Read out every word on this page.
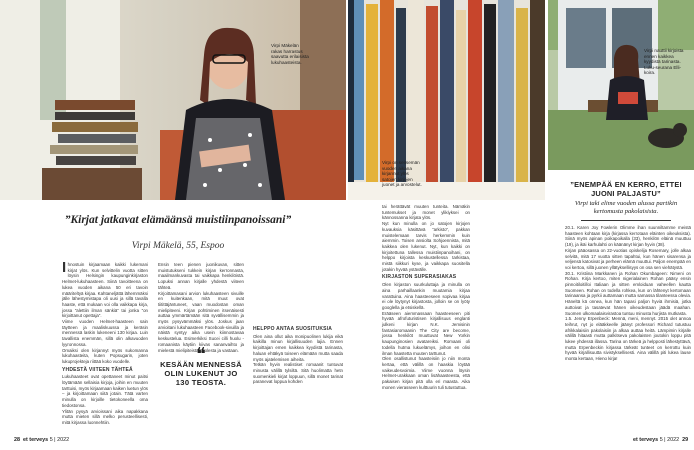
Virpi Mäkelän rakas harrastus saavutta erilaisista lukuhaasteista.
Virpi on seitsemän vuoden aikana kirjannut ylös satojen kirjojen juonet ja arvostelut.
Virpi nauttii kirjoista ennen kaikkea kyydistä tarinasta. Luku-seurana Elli-koira.
”Kirjat jatkavat elämäänsä muistiinpanoissani”
Virpi Mäkelä, 55, Espoo

Ihnostuin kirjaamaan kaikki lukemani kirjat ylös. Kun selvittelin vuotta sitten löysin Helsingin kaupunginkirjaston Helmet-lukuhaasteen. Siinä tavoitteena on lukea vuoden aikana 50 eri tavoin määriteltyä kirjaa. Kahtaneljättä lähemmäksi jälle lähestymistapa oli uusi ja sillä tavalla haaste, että mukaan voi olla vaikkapa kirja, jossa ”alettiin ilman sänkiä” tai jonka ”on kirjoittanut opettaja”.

Viime vuoden Helmet-haasteen sain täytteen ja maaliskuussa ja keräsin mennessä laskin lukeneeni 130 kirjaa. Luin tavallista enemmän, sillä olin alkavuoden lyyronnossa.

Omaiksi olen kirjannyt myös sukomanna lukuhaasteita, kuten Popsugarin, joten lukuprojekteja riittää koko vuodelle.

YHDESTÄ VIITEEN TÄHTEÄ

Lukuhaasteet ovat opettaneet minut paitsi löytämään sellaisia kirjoja, joihin en muuten tarttuisi, myös kirjaamaan kaiken luetun ylös – ja kirjoittamaan siitä jotain. Tätä varten minulla on kirjoille tietokoneella oma tiedostonsa.

Ylitän pysyä arvioissani aika napakkana mutta mieten sillä melko perusteellisesti, mitä kirjassa luonnehtiin.

Ensin teen pienen juonikuvan, sitten muistutukseni tukkein kirjan kerronnasta, maailmankuvasta tai vaikkapa henkilöistä. Lopuksi annan kirjalle yhdestä viiteen tähteä.

Kirjoittamasani arvion lukuhaasteen sivuille en kuitenkaan, mitä muut ovat tiitittäjäntuneet, vaan muodostan oman mielipiteeni. Kirjan pohtiminen itsenäisesti auttaa ymmärtämään sitä syvällisemmin ja myös pysyvämmäksi ylös. Joskus jaan arvioitani lukuhaasteen Facebook-sivuilla ja näistä syntyy aika usein kiinnostavaa keskustelua. Esimerkiksi Sucei cilli huolu -romaanista käytiin kiivas sananvaihto ja mielestä mielipiteistä puolesta ja vastaan.

❝
KESÄÄN MENNESSÄ OLIN LUKENUT JO 130 TEOSTA.
HELPPO ANTAA SUOSITUKSIA

Olen aina ollut aika monipuolinen lukija eikä kaikilla minun kirjallisuuden lajia. Ennen kirjoittajan emen kaikkea kyydistä tarinasta, haluan ehtäkyä toiseen elämään mutta saada myös ajatelemisen aiheita.

Tetkän hyvin realistiset romaanit tuntuvat minusta välillä tylsiltä. Sitä huolimatta hetn suomenkieli kirjat loppuun, sillä monet tarinat paranevat loppua kohden

tai herättävät muuten tunteita. Nämäkin tuntemukset ja monet ylikiyksei on kännossanna kirjata ylös.

Nyt kun minulla on jo satojen kirjojen kuvauksia käsittävä ”arkisto”, pakkan muistelemaan tarvis herkemmin kuin aiemmin. Toisen ansiolta Sohjoennista, mitä kaikkea olen lukenut. Nyt, kun kaikki on kirjoitettuna tallessa muistiinpanoihani, on helppo kirjoista keskustellessa tarkistaa, mistä siikkuri kyse, ja vaikkapa suositella jotakin hyvää ystävälle.

KIRJASTON SUPERASIAKAS

Olen kirjaston suurkuluttaja ja minulla on aina parhaillaankin muutamia kirjaa varattuina. Aina haasteeseen sopivaa kirjaa ei ole löytynyt kirjastosta, jolloin se on lyöty googlella ja etsiskellä.

Erääseen aiemmassaan haasteeseen piti hyvää afrofuturistisen kirjallisuus englanti julkeni kirjan N.K. Jemisinin fantasiaromaanin The City are become, jossa henkilöt muuttuvat New Yorkin kaupunginosien avatareiksi. Romaani oli todella hutma lukuelämys, joihon en olisi ilman haastetta muuten tarttunut.

Olen osallistunut haasteisiin jo niin monta kertaa, että välillä on haaskia löytää vaikeudesvoimia. Viime vuonna löysin Helmet-urakkaan oman lisähaasteesta, että pakaisen kirjan pitä olla eri maasta. Aika monen vierasseen kulttuurin tuli tutustuttua.

”ENEMPÄÄ EN KERRO, ETTEI JUONI PALJASTU”
Virpi taki elime vuoden alussa partikin kertomusta pakolaisista.

20.1. Karen Joy Fowlerin Olimme ihan suunniltamme meistä haasteen kohtaan kirja (kirjassa kerrotaan eläinten oikeuksista). Siinä myös apinan poikapoikalla (33), henkilön eläinä muuttuu (19), ja ikäi karhulahti on käänänyt kirjan hyvin (38).

Kirjan pääosassa on 22-vuotias opiskelija Rosemary, jolle alkaa selvitä, mitä 17 vuotta sitten tapahtui, kun hänen sisarensa ja veljensä katosivat ja perheen elämä muuttui. Paljon enempää en voi kertoa, sillä juonen yllätyksellisyys on osa sen viehätystä.

30.1. Kristiina Markkanen ja Rohan Okumbageen: Nimeni on Rohan. Kirja kertoo, miten nigerialainen Rohan pääsy ensin pinnoitiloitilloi Italiaan ja sitten emloiduan vaheellen kautta Suomeen. Rohan on todella rohkea, kun on lähtenyt kertomaan tarinaansa ja pyrkii auttamaan mutta samassa tilanteessa olevia. Häneltä kä onnea, kun hän tapasi paljon hyviä ihmisiä, jotka auttoivat ja tasatevat hänen oikeudestaan jäädä maahan. Suomen ulkomaalaisvirastoa tuntuu minusta hurjista mutkasta.

1.5. Jenny Erpenbeck: Mennä, meni, mennyt. 2015 olet annoa teihrut, nyt jo elääkkeelle jäänyt professori Richard tutustuu afrikkalaisiin pakolaisiin ja alkaa auttaa heitä. Lämpimin kirjalle välillä hitaasti mutta palkitseva pakolaisten joutokin loppu pitä lukee yhdessä illassa. Tarina on tärkeä ja helpposti lähestyttävä, mutta Erpenbeckin kirjassa tärkeät tunteet on kerrottu kuin hyvää kirjallisuutta sivistyksellisesti. Aina välillä piti lukea lause monta kertaan, Hieno kirja!

28 et terveys 5 | 2022	et terveys 5 | 2022 29
